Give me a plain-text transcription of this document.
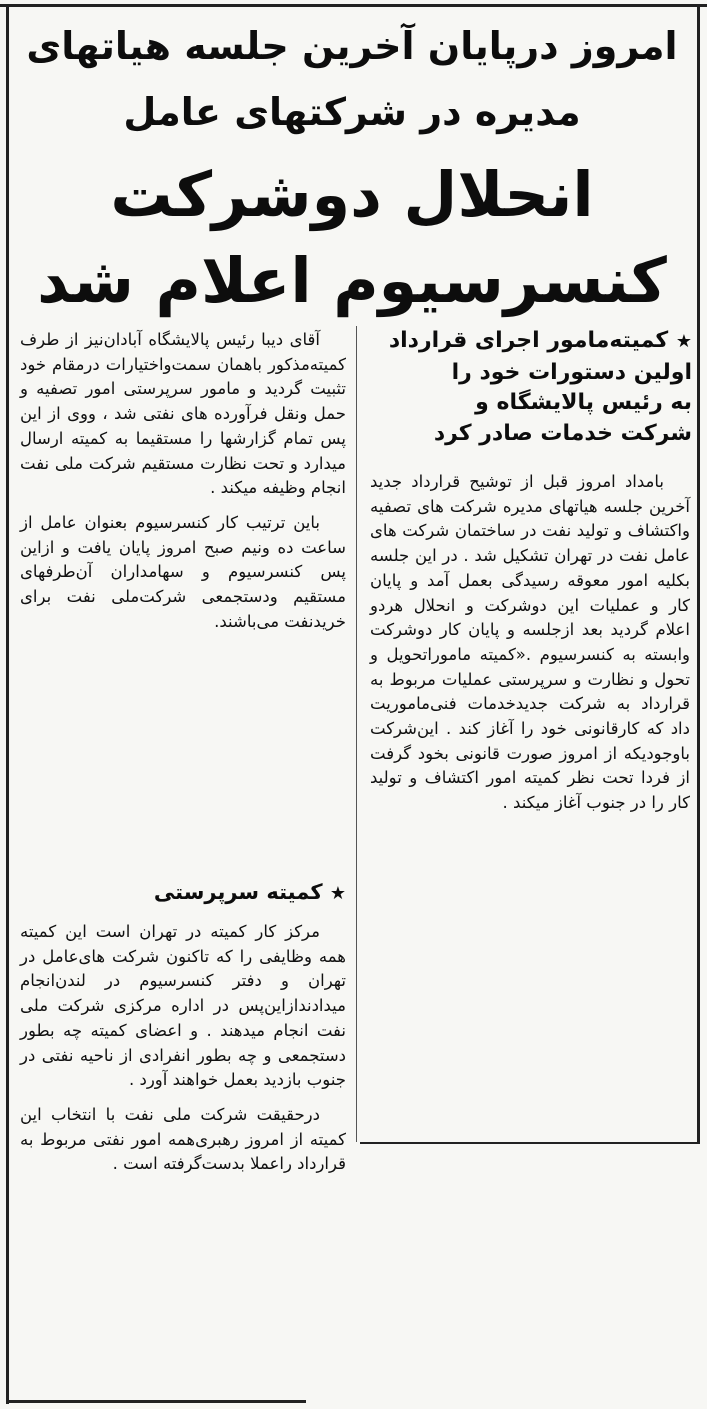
امروز درپایان آخرین جلسه هیاتهای
مدیره در شرکتهای عامل
انحلال دوشرکت
کنسرسیوم اعلام شد

★ کمیته‌مامور اجرای قرارداد

اولین دستورات خود را

به رئیس پالایشگاه و

شرکت خدمات صادر کرد

بامداد امروز قبل از توشیح قرارداد جدید آخرین جلسه هیاتهای مدیره شرکت های تصفیه واکتشاف و تولید نفت در ساختمان شرکت های عامل نفت در تهران تشکیل شد . در این جلسه بکلیه امور معوقه رسیدگی بعمل آمد و پایان کار و عملیات این دوشرکت و انحلال هردو اعلام گردید بعد ازجلسه و پایان کار دوشرکت وابسته به کنسرسیوم .«کمیته ماموراتحویل و تحول و نظارت و سرپرستی عملیات مربوط به قرارداد به شرکت جدیدخدمات فنی‌ماموریت داد که کارقانونی خود را آغاز کند . این‌شرکت باوجودیکه از امروز صورت قانونی بخود گرفت از فردا تحت نظر کمیته امور اکتشاف و تولید کار را در جنوب آغاز میکند .

آقای دیبا رئیس پالایشگاه آبادان‌نیز از طرف کمیته‌مذکور باهمان سمت‌واختیارات درمقام خود تثبیت گردید و مامور سرپرستی امور تصفیه و حمل ونقل فرآورده های نفتی شد ، ووی از این پس تمام گزارشها را مستقیما به کمیته ارسال میدارد و تحت نظارت مستقیم شرکت ملی نفت انجام وظیفه میکند .

باین ترتیب کار کنسرسیوم بعنوان عامل از ساعت ده ونیم صبح امروز پایان یافت و ازاین پس کنسرسیوم و سهامداران آن‌طرفهای مستقیم ودستجمعی شرکت‌ملی نفت برای خریدنفت می‌باشند.

★ کمیته سرپرستی

مرکز کار کمیته در تهران است این کمیته همه وظایفی را که تاکنون شرکت های‌عامل در تهران و دفتر کنسرسیوم در لندن‌انجام میدادندازاین‌پس در اداره مرکزی شرکت ملی نفت انجام میدهند . و اعضای کمیته چه بطور دستجمعی و چه بطور انفرادی از ناحیه نفتی در جنوب بازدید بعمل خواهند آورد .

درحقیقت شرکت ملی نفت با انتخاب این کمیته از امروز رهبری‌همه امور نفتی مربوط به قرارداد راعملا بدست‌گرفته است .
